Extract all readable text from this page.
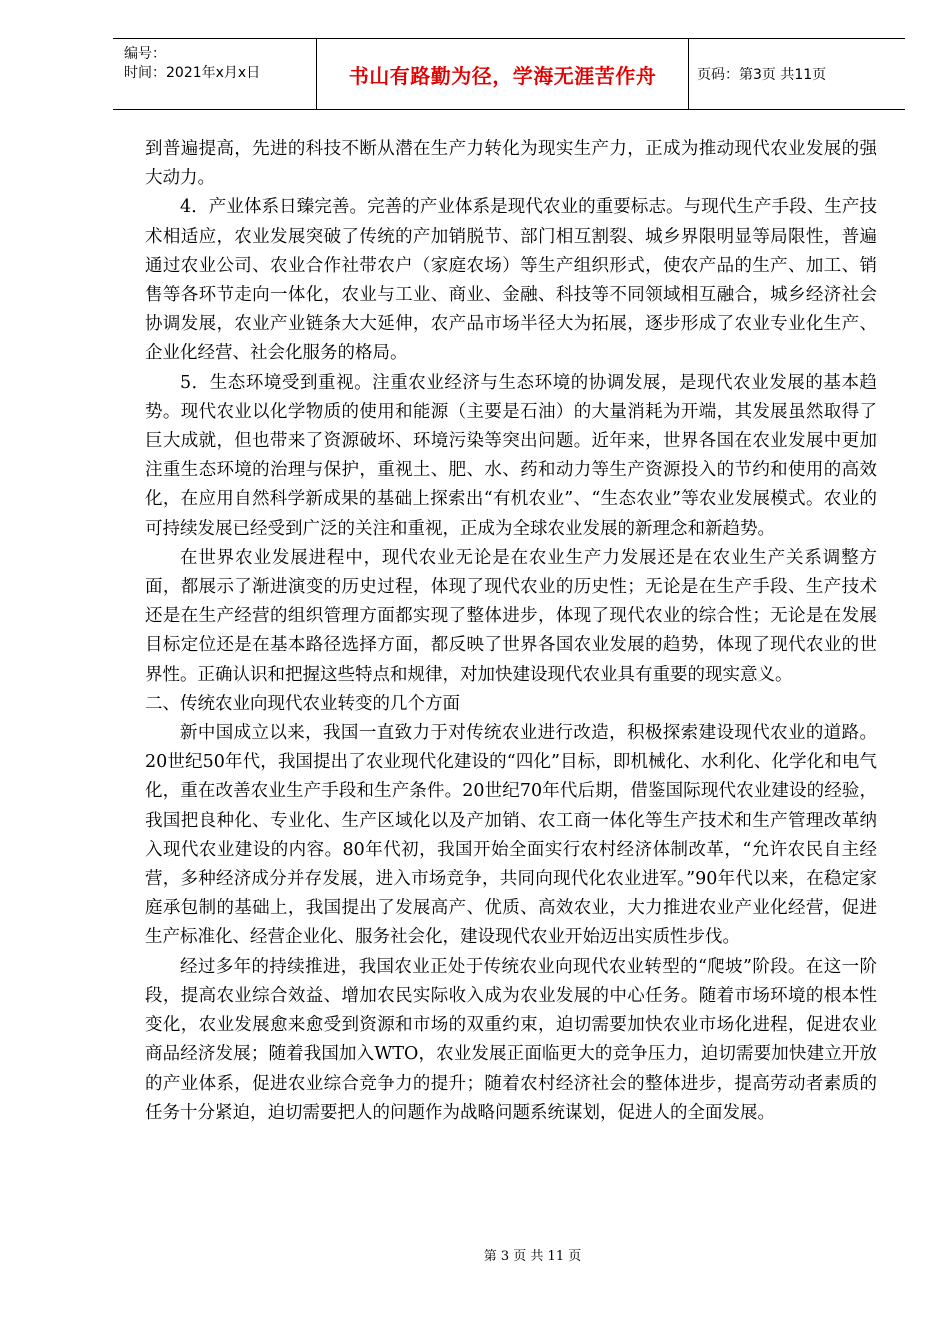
编号：
时间：2021年x月x日	书山有路勤为径，学海无涯苦作舟	页码：第3页 共11页

到普遍提高，先进的科技不断从潜在生产力转化为现实生产力，正成为推动现代农业发展的强大动力。

4．产业体系日臻完善。完善的产业体系是现代农业的重要标志。与现代生产手段、生产技术相适应，农业发展突破了传统的产加销脱节、部门相互割裂、城乡界限明显等局限性，普遍通过农业公司、农业合作社带农户（家庭农场）等生产组织形式，使农产品的生产、加工、销售等各环节走向一体化，农业与工业、商业、金融、科技等不同领域相互融合，城乡经济社会协调发展，农业产业链条大大延伸，农产品市场半径大为拓展，逐步形成了农业专业化生产、企业化经营、社会化服务的格局。

5．生态环境受到重视。注重农业经济与生态环境的协调发展，是现代农业发展的基本趋势。现代农业以化学物质的使用和能源（主要是石油）的大量消耗为开端，其发展虽然取得了巨大成就，但也带来了资源破坏、环境污染等突出问题。近年来，世界各国在农业发展中更加注重生态环境的治理与保护，重视土、肥、水、药和动力等生产资源投入的节约和使用的高效化，在应用自然科学新成果的基础上探索出“有机农业”、“生态农业”等农业发展模式。农业的可持续发展已经受到广泛的关注和重视，正成为全球农业发展的新理念和新趋势。

在世界农业发展进程中，现代农业无论是在农业生产力发展还是在农业生产关系调整方面，都展示了渐进演变的历史过程，体现了现代农业的历史性；无论是在生产手段、生产技术还是在生产经营的组织管理方面都实现了整体进步，体现了现代农业的综合性；无论是在发展目标定位还是在基本路径选择方面，都反映了世界各国农业发展的趋势，体现了现代农业的世界性。正确认识和把握这些特点和规律，对加快建设现代农业具有重要的现实意义。

二、传统农业向现代农业转变的几个方面

新中国成立以来，我国一直致力于对传统农业进行改造，积极探索建设现代农业的道路。20世纪50年代，我国提出了农业现代化建设的“四化”目标，即机械化、水利化、化学化和电气化，重在改善农业生产手段和生产条件。20世纪70年代后期，借鉴国际现代农业建设的经验，我国把良种化、专业化、生产区域化以及产加销、农工商一体化等生产技术和生产管理改革纳入现代农业建设的内容。80年代初，我国开始全面实行农村经济体制改革，“允许农民自主经营，多种经济成分并存发展，进入市场竞争，共同向现代化农业进军。”90年代以来，在稳定家庭承包制的基础上，我国提出了发展高产、优质、高效农业，大力推进农业产业化经营，促进生产标准化、经营企业化、服务社会化，建设现代农业开始迈出实质性步伐。

经过多年的持续推进，我国农业正处于传统农业向现代农业转型的“爬坡”阶段。在这一阶段，提高农业综合效益、增加农民实际收入成为农业发展的中心任务。随着市场环境的根本性变化，农业发展愈来愈受到资源和市场的双重约束，迫切需要加快农业市场化进程，促进农业商品经济发展；随着我国加入WTO，农业发展正面临更大的竞争压力，迫切需要加快建立开放的产业体系，促进农业综合竞争力的提升；随着农村经济社会的整体进步，提高劳动者素质的任务十分紧迫，迫切需要把人的问题作为战略问题系统谋划，促进人的全面发展。

第 3 页 共 11 页
